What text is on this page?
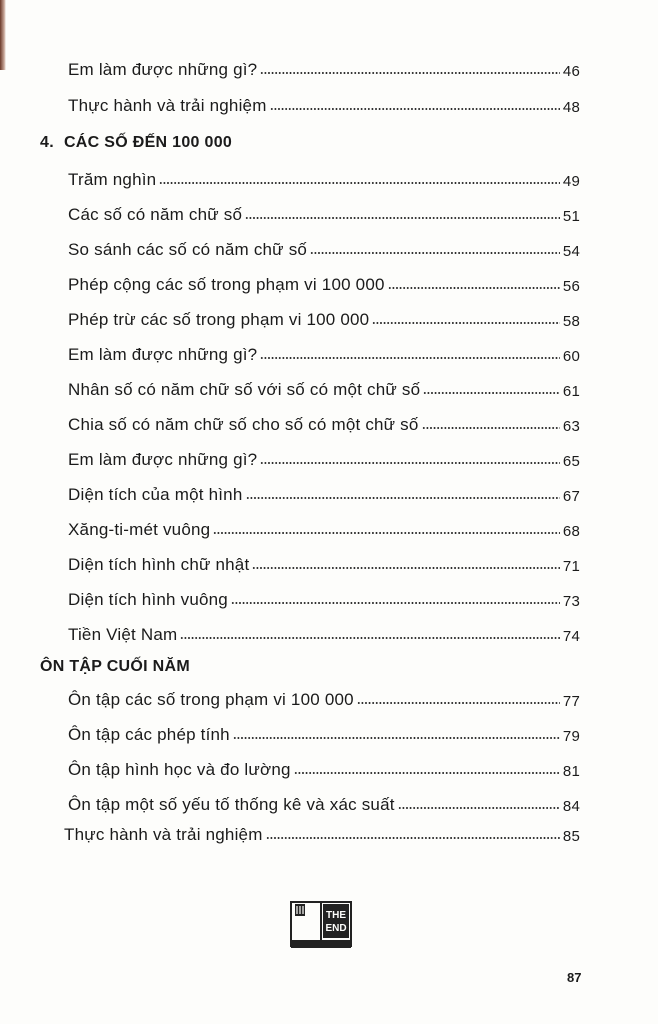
Em làm được những gì?	46
Thực hành và trải nghiệm	48
4. CÁC SỐ ĐẾN 100 000
Trăm nghìn	49
Các số có năm chữ số	51
So sánh các số có năm chữ số	54
Phép cộng các số trong phạm vi 100 000	56
Phép trừ các số trong phạm vi 100 000	58
Em làm được những gì?	60
Nhân số có năm chữ số với số có một chữ số	61
Chia số có năm chữ số cho số có một chữ số	63
Em làm được những gì?	65
Diện tích của một hình	67
Xăng-ti-mét vuông	68
Diện tích hình chữ nhật	71
Diện tích hình vuông	73
Tiền Việt Nam	74
ÔN TẬP CUỐI NĂM
Ôn tập các số trong phạm vi 100 000	77
Ôn tập các phép tính	79
Ôn tập hình học và đo lường	81
Ôn tập một số yếu tố thống kê và xác suất	84
Thực hành và trải nghiệm	85
THE
END
87
